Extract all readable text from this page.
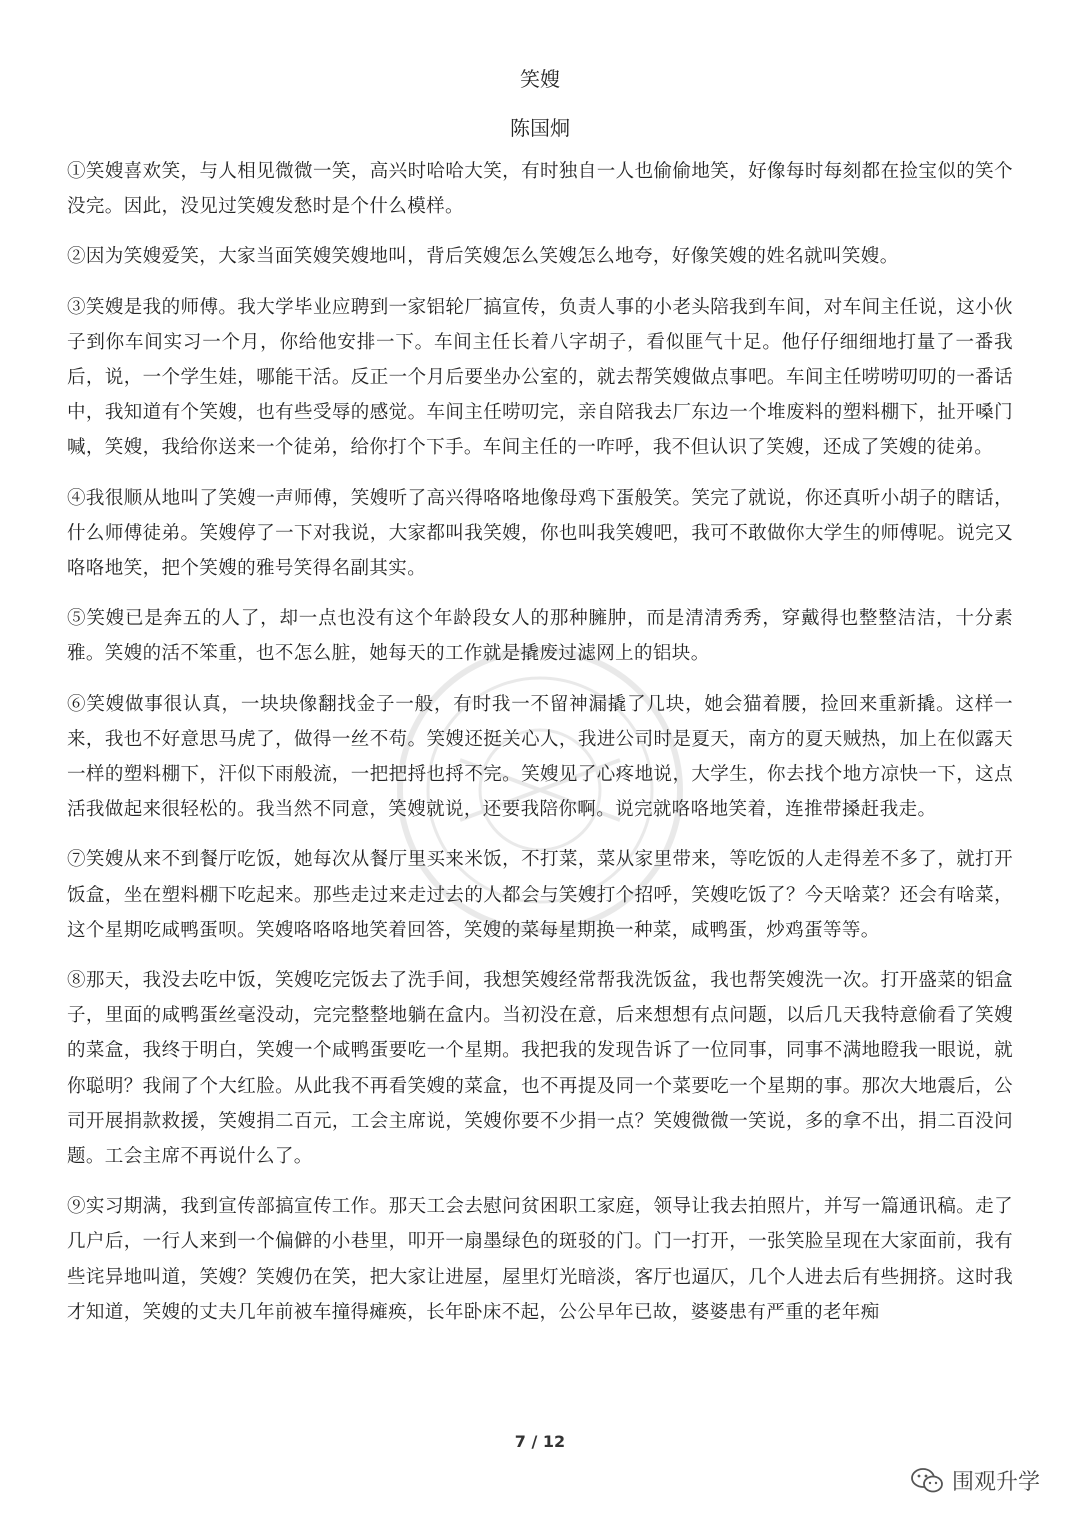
笑嫂
陈国炯

①笑嫂喜欢笑，与人相见微微一笑，高兴时哈哈大笑，有时独自一人也偷偷地笑，好像每时每刻都在捡宝似的笑个没完。因此，没见过笑嫂发愁时是个什么模样。

②因为笑嫂爱笑，大家当面笑嫂笑嫂地叫，背后笑嫂怎么笑嫂怎么地夸，好像笑嫂的姓名就叫笑嫂。

③笑嫂是我的师傅。我大学毕业应聘到一家铝轮厂搞宣传，负责人事的小老头陪我到车间，对车间主任说，这小伙子到你车间实习一个月，你给他安排一下。车间主任长着八字胡子，看似匪气十足。他仔仔细细地打量了一番我后，说，一个学生娃，哪能干活。反正一个月后要坐办公室的，就去帮笑嫂做点事吧。车间主任唠唠叨叨的一番话中，我知道有个笑嫂，也有些受辱的感觉。车间主任唠叨完，亲自陪我去厂东边一个堆废料的塑料棚下，扯开嗓门喊，笑嫂，我给你送来一个徒弟，给你打个下手。车间主任的一咋呼，我不但认识了笑嫂，还成了笑嫂的徒弟。

④我很顺从地叫了笑嫂一声师傅，笑嫂听了高兴得咯咯地像母鸡下蛋般笑。笑完了就说，你还真听小胡子的瞎话，什么师傅徒弟。笑嫂停了一下对我说，大家都叫我笑嫂，你也叫我笑嫂吧，我可不敢做你大学生的师傅呢。说完又咯咯地笑，把个笑嫂的雅号笑得名副其实。

⑤笑嫂已是奔五的人了，却一点也没有这个年龄段女人的那种臃肿，而是清清秀秀，穿戴得也整整洁洁，十分素雅。笑嫂的活不笨重，也不怎么脏，她每天的工作就是撬废过滤网上的铝块。

⑥笑嫂做事很认真，一块块像翻找金子一般，有时我一不留神漏撬了几块，她会猫着腰，捡回来重新撬。这样一来，我也不好意思马虎了，做得一丝不苟。笑嫂还挺关心人，我进公司时是夏天，南方的夏天贼热，加上在似露天一样的塑料棚下，汗似下雨般流，一把把捋也捋不完。笑嫂见了心疼地说，大学生，你去找个地方凉快一下，这点活我做起来很轻松的。我当然不同意，笑嫂就说，还要我陪你啊。说完就咯咯地笑着，连推带搡赶我走。

⑦笑嫂从来不到餐厅吃饭，她每次从餐厅里买来米饭，不打菜，菜从家里带来，等吃饭的人走得差不多了，就打开饭盒，坐在塑料棚下吃起来。那些走过来走过去的人都会与笑嫂打个招呼，笑嫂吃饭了？今天啥菜？还会有啥菜，这个星期吃咸鸭蛋呗。笑嫂咯咯咯地笑着回答，笑嫂的菜每星期换一种菜，咸鸭蛋，炒鸡蛋等等。

⑧那天，我没去吃中饭，笑嫂吃完饭去了洗手间，我想笑嫂经常帮我洗饭盆，我也帮笑嫂洗一次。打开盛菜的铝盒子，里面的咸鸭蛋丝毫没动，完完整整地躺在盒内。当初没在意，后来想想有点问题，以后几天我特意偷看了笑嫂的菜盒，我终于明白，笑嫂一个咸鸭蛋要吃一个星期。我把我的发现告诉了一位同事，同事不满地瞪我一眼说，就你聪明？我闹了个大红脸。从此我不再看笑嫂的菜盒，也不再提及同一个菜要吃一个星期的事。那次大地震后，公司开展捐款救援，笑嫂捐二百元，工会主席说，笑嫂你要不少捐一点？笑嫂微微一笑说，多的拿不出，捐二百没问题。工会主席不再说什么了。

⑨实习期满，我到宣传部搞宣传工作。那天工会去慰问贫困职工家庭，领导让我去拍照片，并写一篇通讯稿。走了几户后，一行人来到一个偏僻的小巷里，叩开一扇墨绿色的斑驳的门。门一打开，一张笑脸呈现在大家面前，我有些诧异地叫道，笑嫂？笑嫂仍在笑，把大家让进屋，屋里灯光暗淡，客厅也逼仄，几个人进去后有些拥挤。这时我才知道，笑嫂的丈夫几年前被车撞得瘫痪，长年卧床不起，公公早年已故，婆婆患有严重的老年痴

7 / 12
围观升学
